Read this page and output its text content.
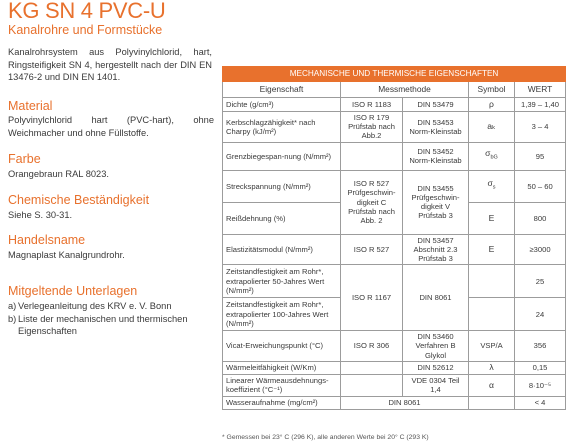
KG SN 4 PVC-U
Kanalrohre und Formstücke
Kanalrohrsystem aus Polyvinylchlorid, hart, Ringsteifigkeit SN 4, hergestellt nach der DIN EN 13476-2 und DIN EN 1401.
Material
Polyvinylchlorid hart (PVC-hart), ohne Weichmacher und ohne Füllstoffe.
Farbe
Orangebraun RAL 8023.
Chemische Beständigkeit
Siehe S. 30-31.
Handelsname
Magnaplast Kanalgrundrohr.
Mitgeltende Unterlagen
a) Verlegeanleitung des KRV e. V. Bonn
b) Liste der mechanischen und thermischen Eigenschaften
MECHANISCHE UND THERMISCHE EIGENSCHAFTEN				
Eigenschaft	Messmethode		Symbol	WERT
Dichte (g/cm³)	ISO R 1183	DIN 53479	ρ	1,39 – 1,40
Kerbschlagzähigkeit* nach Charpy (kJ/m²)	ISO R 179 Prüfstab nach Abb.2	DIN 53453 Norm-Kleinstab	aₖ	3 – 4
Grenzbiegespan-nung (N/mm²)		DIN 53452 Norm-Kleinstab	$\sigma_{bG}$	95
Streckspannung (N/mm²)	ISO R 527 Prüfgeschwin-digkeit C Prüfstab nach Abb. 2	DIN 53455 Prüfgeschwin-digkeit V Prüfstab 3	$\sigma_s$	50 – 60
Reißdehnung (%)			E	800
Elastizitätsmodul (N/mm²)	ISO R 527	DIN 53457 Abschnitt 2.3 Prüfstab 3	E	≥3000
Zeitstandfestigkeit am Rohr*, extrapolierter 50-Jahres Wert (N/mm²)	ISO R 1167	DIN 8061		25
Zeitstandfestigkeit am Rohr*, extrapolierter 100-Jahres Wert (N/mm²)				24
Vicat-Erweichungspunkt (°C)	ISO R 306	DIN 53460 Verfahren B Glykol	VSP/A	356
Wärmeleitfähigkeit (W/Km)		DIN 52612	λ	0,15
Linearer Wärmeausdehnungs-koeffizient (°C⁻¹)		VDE 0304 Teil 1,4	α	8·10⁻⁵
Wasseraufnahme (mg/cm²)	DIN 8061			< 4
* Gemessen bei 23° C (296 K), alle anderen Werte bei 20° C (293 K)
